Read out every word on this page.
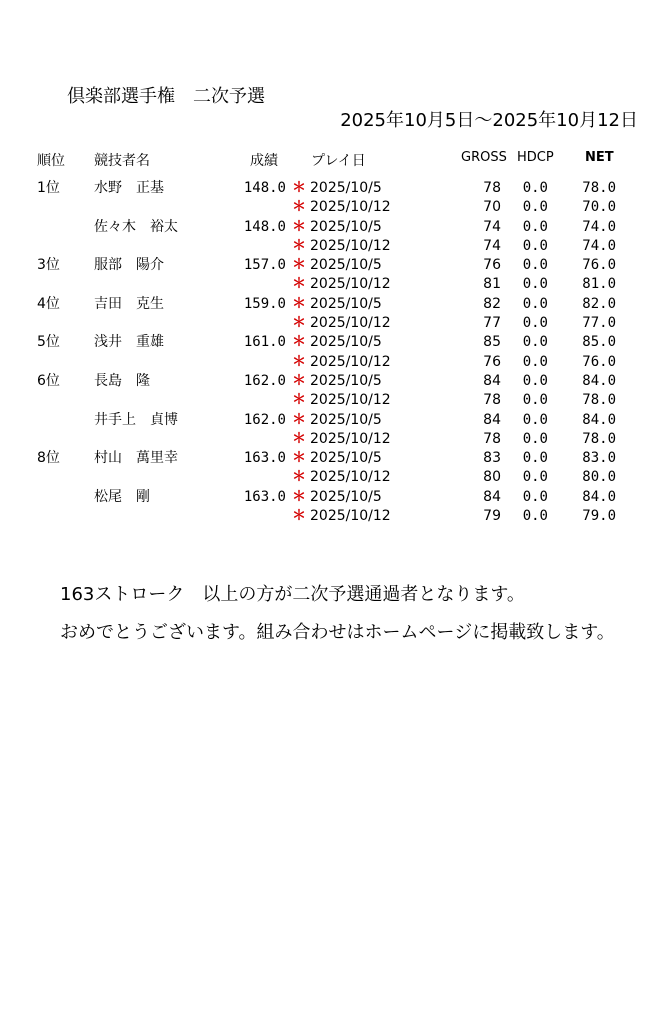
倶楽部選手権　二次予選
2025年10月5日～2025年10月12日
順位 競技者名	成績 プレイ日	GROSS HDCP NET
1位 水野　正基	148.0 ＊ 2025/10/5	78 0.0 78.0
＊ 2025/10/12	70 0.0 70.0
佐々木　裕太	148.0 ＊ 2025/10/5	74 0.0 74.0
＊ 2025/10/12	74 0.0 74.0
3位 服部　陽介	157.0 ＊ 2025/10/5	76 0.0 76.0
＊ 2025/10/12	81 0.0 81.0
4位 吉田　克生	159.0 ＊ 2025/10/5	82 0.0 82.0
＊ 2025/10/12	77 0.0 77.0
5位 浅井　重雄	161.0 ＊ 2025/10/5	85 0.0 85.0
＊ 2025/10/12	76 0.0 76.0
6位 長島　隆	162.0 ＊ 2025/10/5	84 0.0 84.0
＊ 2025/10/12	78 0.0 78.0
井手上　貞博	162.0 ＊ 2025/10/5	84 0.0 84.0
＊ 2025/10/12	78 0.0 78.0
8位 村山　萬里幸	163.0 ＊ 2025/10/5	83 0.0 83.0
＊ 2025/10/12	80 0.0 80.0
松尾　剛	163.0 ＊ 2025/10/5	84 0.0 84.0
＊ 2025/10/12	79 0.0 79.0
163ストローク　以上の方が二次予選通過者となります。
おめでとうございます。組み合わせはホームページに掲載致します。
